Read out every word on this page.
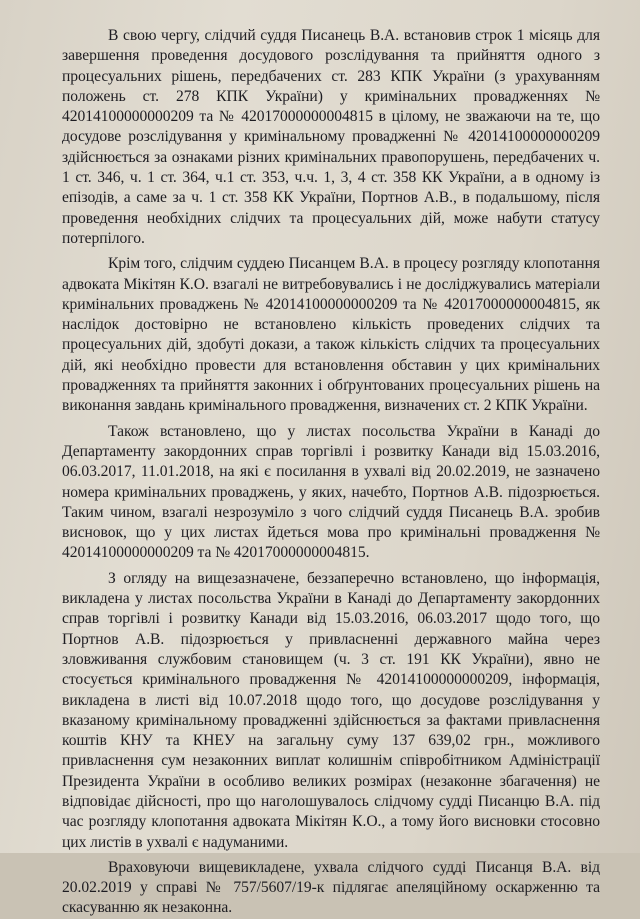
В свою чергу, слідчий суддя Писанець В.А. встановив строк 1 місяць для завершення проведення досудового розслідування та прийняття одного з процесуальних рішень, передбачених ст. 283 КПК України (з урахуванням положень ст. 278 КПК України) у кримінальних провадженнях № 42014100000000209 та № 42017000000004815 в цілому, не зважаючи на те, що досудове розслідування у кримінальному провадженні № 42014100000000209 здійснюється за ознаками різних кримінальних правопорушень, передбачених ч. 1 ст. 346, ч. 1 ст. 364, ч.1 ст. 353, ч.ч. 1, 3, 4 ст. 358 КК України, а в одному із епізодів, а саме за ч. 1 ст. 358 КК України, Портнов А.В., в подальшому, після проведення необхідних слідчих та процесуальних дій, може набути статусу потерпілого.

Крім того, слідчим суддею Писанцем В.А. в процесу розгляду клопотання адвоката Мікітян К.О. взагалі не витребовувались і не досліджувались матеріали кримінальних проваджень № 42014100000000209 та № 42017000000004815, як наслідок достовірно не встановлено кількість проведених слідчих та процесуальних дій, здобуті докази, а також кількість слідчих та процесуальних дій, які необхідно провести для встановлення обставин у цих кримінальних провадженнях та прийняття законних і обґрунтованих процесуальних рішень на виконання завдань кримінального провадження, визначених ст. 2 КПК України.

Також встановлено, що у листах посольства України в Канаді до Департаменту закордонних справ торгівлі і розвитку Канади від 15.03.2016, 06.03.2017, 11.01.2018, на які є посилання в ухвалі від 20.02.2019, не зазначено номера кримінальних проваджень, у яких, начебто, Портнов А.В. підозрюється. Таким чином, взагалі незрозуміло з чого слідчий суддя Писанець В.А. зробив висновок, що у цих листах йдеться мова про кримінальні провадження № 42014100000000209 та № 42017000000004815.

З огляду на вищезазначене, беззаперечно встановлено, що інформація, викладена у листах посольства України в Канаді до Департаменту закордонних справ торгівлі і розвитку Канади від 15.03.2016, 06.03.2017 щодо того, що Портнов А.В. підозрюється у привласненні державного майна через зловживання службовим становищем (ч. 3 ст. 191 КК України), явно не стосується кримінального провадження № 42014100000000209, інформація, викладена в листі від 10.07.2018 щодо того, що досудове розслідування у вказаному кримінальному провадженні здійснюється за фактами привласнення коштів КНУ та КНЕУ на загальну суму 137 639,02 грн., можливого привласнення сум незаконних виплат колишнім співробітником Адміністрації Президента України в особливо великих розмірах (незаконне збагачення) не відповідає дійсності, про що наголошувалось слідчому судді Писанцю В.А. під час розгляду клопотання адвоката Мікітян К.О., а тому його висновки стосовно цих листів в ухвалі є надуманими.

Враховуючи вищевикладене, ухвала слідчого судді Писанця В.А. від 20.02.2019 у справі № 757/5607/19-к підлягає апеляційному оскарженню та скасуванню як незаконна.
